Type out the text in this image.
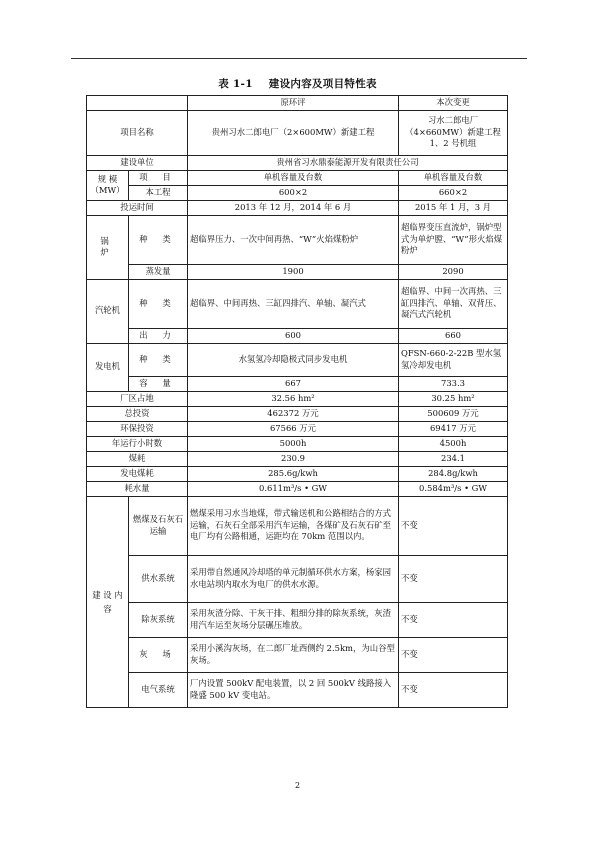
表 1-1 建设内容及项目特性表
		原环评	本次变更
项目名称		贵州习水二郎电厂（2×600MW）新建工程	习水二郎电厂（4×660MW）新建工程 1、2 号机组
建设单位		贵州省习水鼎泰能源开发有限责任公司	
规 模（MW）	项 目	单机容量及台数	单机容量及台数
	本工程	600×2	660×2
投运时间		2013 年 12 月，2014 年 6 月	2015 年 1 月，3 月
锅 炉	种 类	超临界压力、一次中间再热、“W”火焰煤粉炉	超临界变压直流炉，锅炉型式为单炉膛、“W”形火焰煤粉炉
	蒸发量	1900	2090
汽轮机	种 类	超临界、中间再热、三缸四排汽、单轴、凝汽式	超临界、中间一次再热、三缸四排汽、单轴、双背压、凝汽式汽轮机
	出 力	600	660
发电机	种 类	水氢氢冷却隐极式同步发电机	QFSN-660-2-22B 型水氢氢冷却发电机
	容 量	667	733.3
厂区占地		32.56 hm²	30.25 hm²
总投资		462372 万元	500609 万元
环保投资		67566 万元	69417 万元
年运行小时数		5000h	4500h
煤耗		230.9	234.1
发电煤耗		285.6g/kwh	284.8g/kwh
耗水量		0.611m³/s • GW	0.584m³/s • GW
建 设 内 容	燃煤及石灰石运输	燃煤采用习水当地煤，带式输送机和公路相结合的方式运输，石灰石全部采用汽车运输，各煤矿及石灰石矿至电厂均有公路相通，运距均在 70km 范围以内。	不变
	供水系统	采用带自然通风冷却塔的单元制循环供水方案，杨家园水电站坝内取水为电厂的供水水源。	不变
	除灰系统	采用灰渣分除、干灰干排、粗细分排的除灰系统，灰渣用汽车运至灰场分层碾压堆放。	不变
	灰 场	采用小溪沟灰场，在二郎厂址西侧约 2.5km，为山谷型灰场。	不变
	电气系统	厂内设置 500kV 配电装置，以 2 回 500kV 线路接入隆盛 500 kV 变电站。	不变
2
